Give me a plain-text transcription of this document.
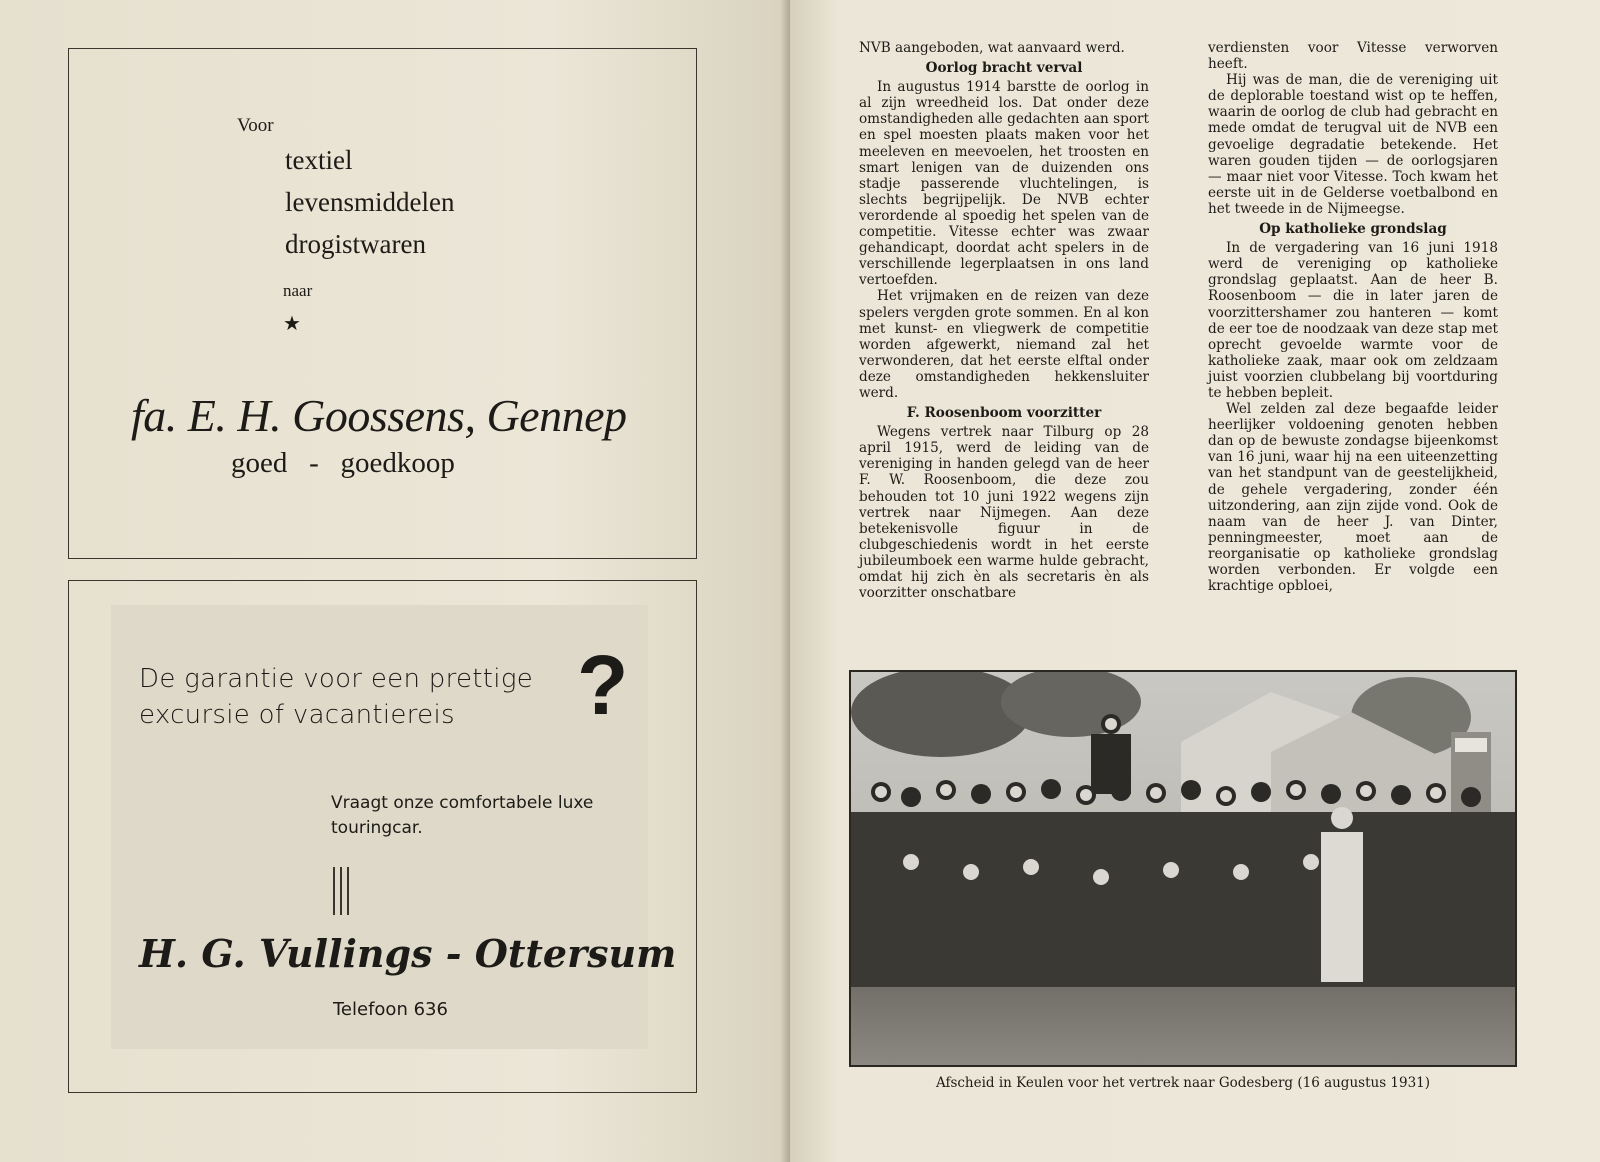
Voor
textiel
levensmiddelen
drogistwaren
naar
★
fa. E. H. Goossens, Gennep
goed   -   goedkoop
De garantie voor een prettige
excursie of vacantiereis	?
Vraagt onze comfortabele luxe
touringcar.
H. G. Vullings - Ottersum
Telefoon 636

NVB aangeboden, wat aanvaard werd.

Oorlog bracht verval

In augustus 1914 barstte de oorlog in al zijn wreedheid los. Dat onder deze omstandigheden alle gedachten aan sport en spel moesten plaats maken voor het meeleven en meevoelen, het troosten en smart lenigen van de duizenden ons stadje passerende vluchtelingen, is slechts begrijpelijk. De NVB echter verordende al spoedig het spelen van de competitie. Vitesse echter was zwaar gehandicapt, doordat acht spelers in de verschillende legerplaatsen in ons land vertoefden.

Het vrijmaken en de reizen van deze spelers vergden grote sommen. En al kon met kunst- en vliegwerk de competitie worden afgewerkt, niemand zal het verwonderen, dat het eerste elftal onder deze omstandigheden hekkensluiter werd.

F. Roosenboom voorzitter

Wegens vertrek naar Tilburg op 28 april 1915, werd de leiding van de vereniging in handen gelegd van de heer F. W. Roosenboom, die deze zou behouden tot 10 juni 1922 wegens zijn vertrek naar Nijmegen. Aan deze betekenisvolle figuur in de clubgeschiedenis wordt in het eerste jubileumboek een warme hulde gebracht, omdat hij zich èn als secretaris èn als voorzitter onschatbare

verdiensten voor Vitesse verworven heeft.

Hij was de man, die de vereniging uit de deplorable toestand wist op te heffen, waarin de oorlog de club had gebracht en mede omdat de terugval uit de NVB een gevoelige degradatie betekende. Het waren gouden tijden — de oorlogsjaren — maar niet voor Vitesse. Toch kwam het eerste uit in de Gelderse voetbalbond en het tweede in de Nijmeegse.

Op katholieke grondslag

In de vergadering van 16 juni 1918 werd de vereniging op katholieke grondslag geplaatst. Aan de heer B. Roosenboom — die in later jaren de voorzittershamer zou hanteren — komt de eer toe de noodzaak van deze stap met oprecht gevoelde warmte voor de katholieke zaak, maar ook om zeldzaam juist voorzien clubbelang bij voortduring te hebben bepleit.

Wel zelden zal deze begaafde leider heerlijker voldoening genoten hebben dan op de bewuste zondagse bijeenkomst van 16 juni, waar hij na een uiteenzetting van het standpunt van de geestelijkheid, de gehele vergadering, zonder één uitzondering, aan zijn zijde vond. Ook de naam van de heer J. van Dinter, penningmeester, moet aan de reorganisatie op katholieke grondslag worden verbonden. Er volgde een krachtige opbloei,

Afscheid in Keulen voor het vertrek naar Godesberg (16 augustus 1931)
